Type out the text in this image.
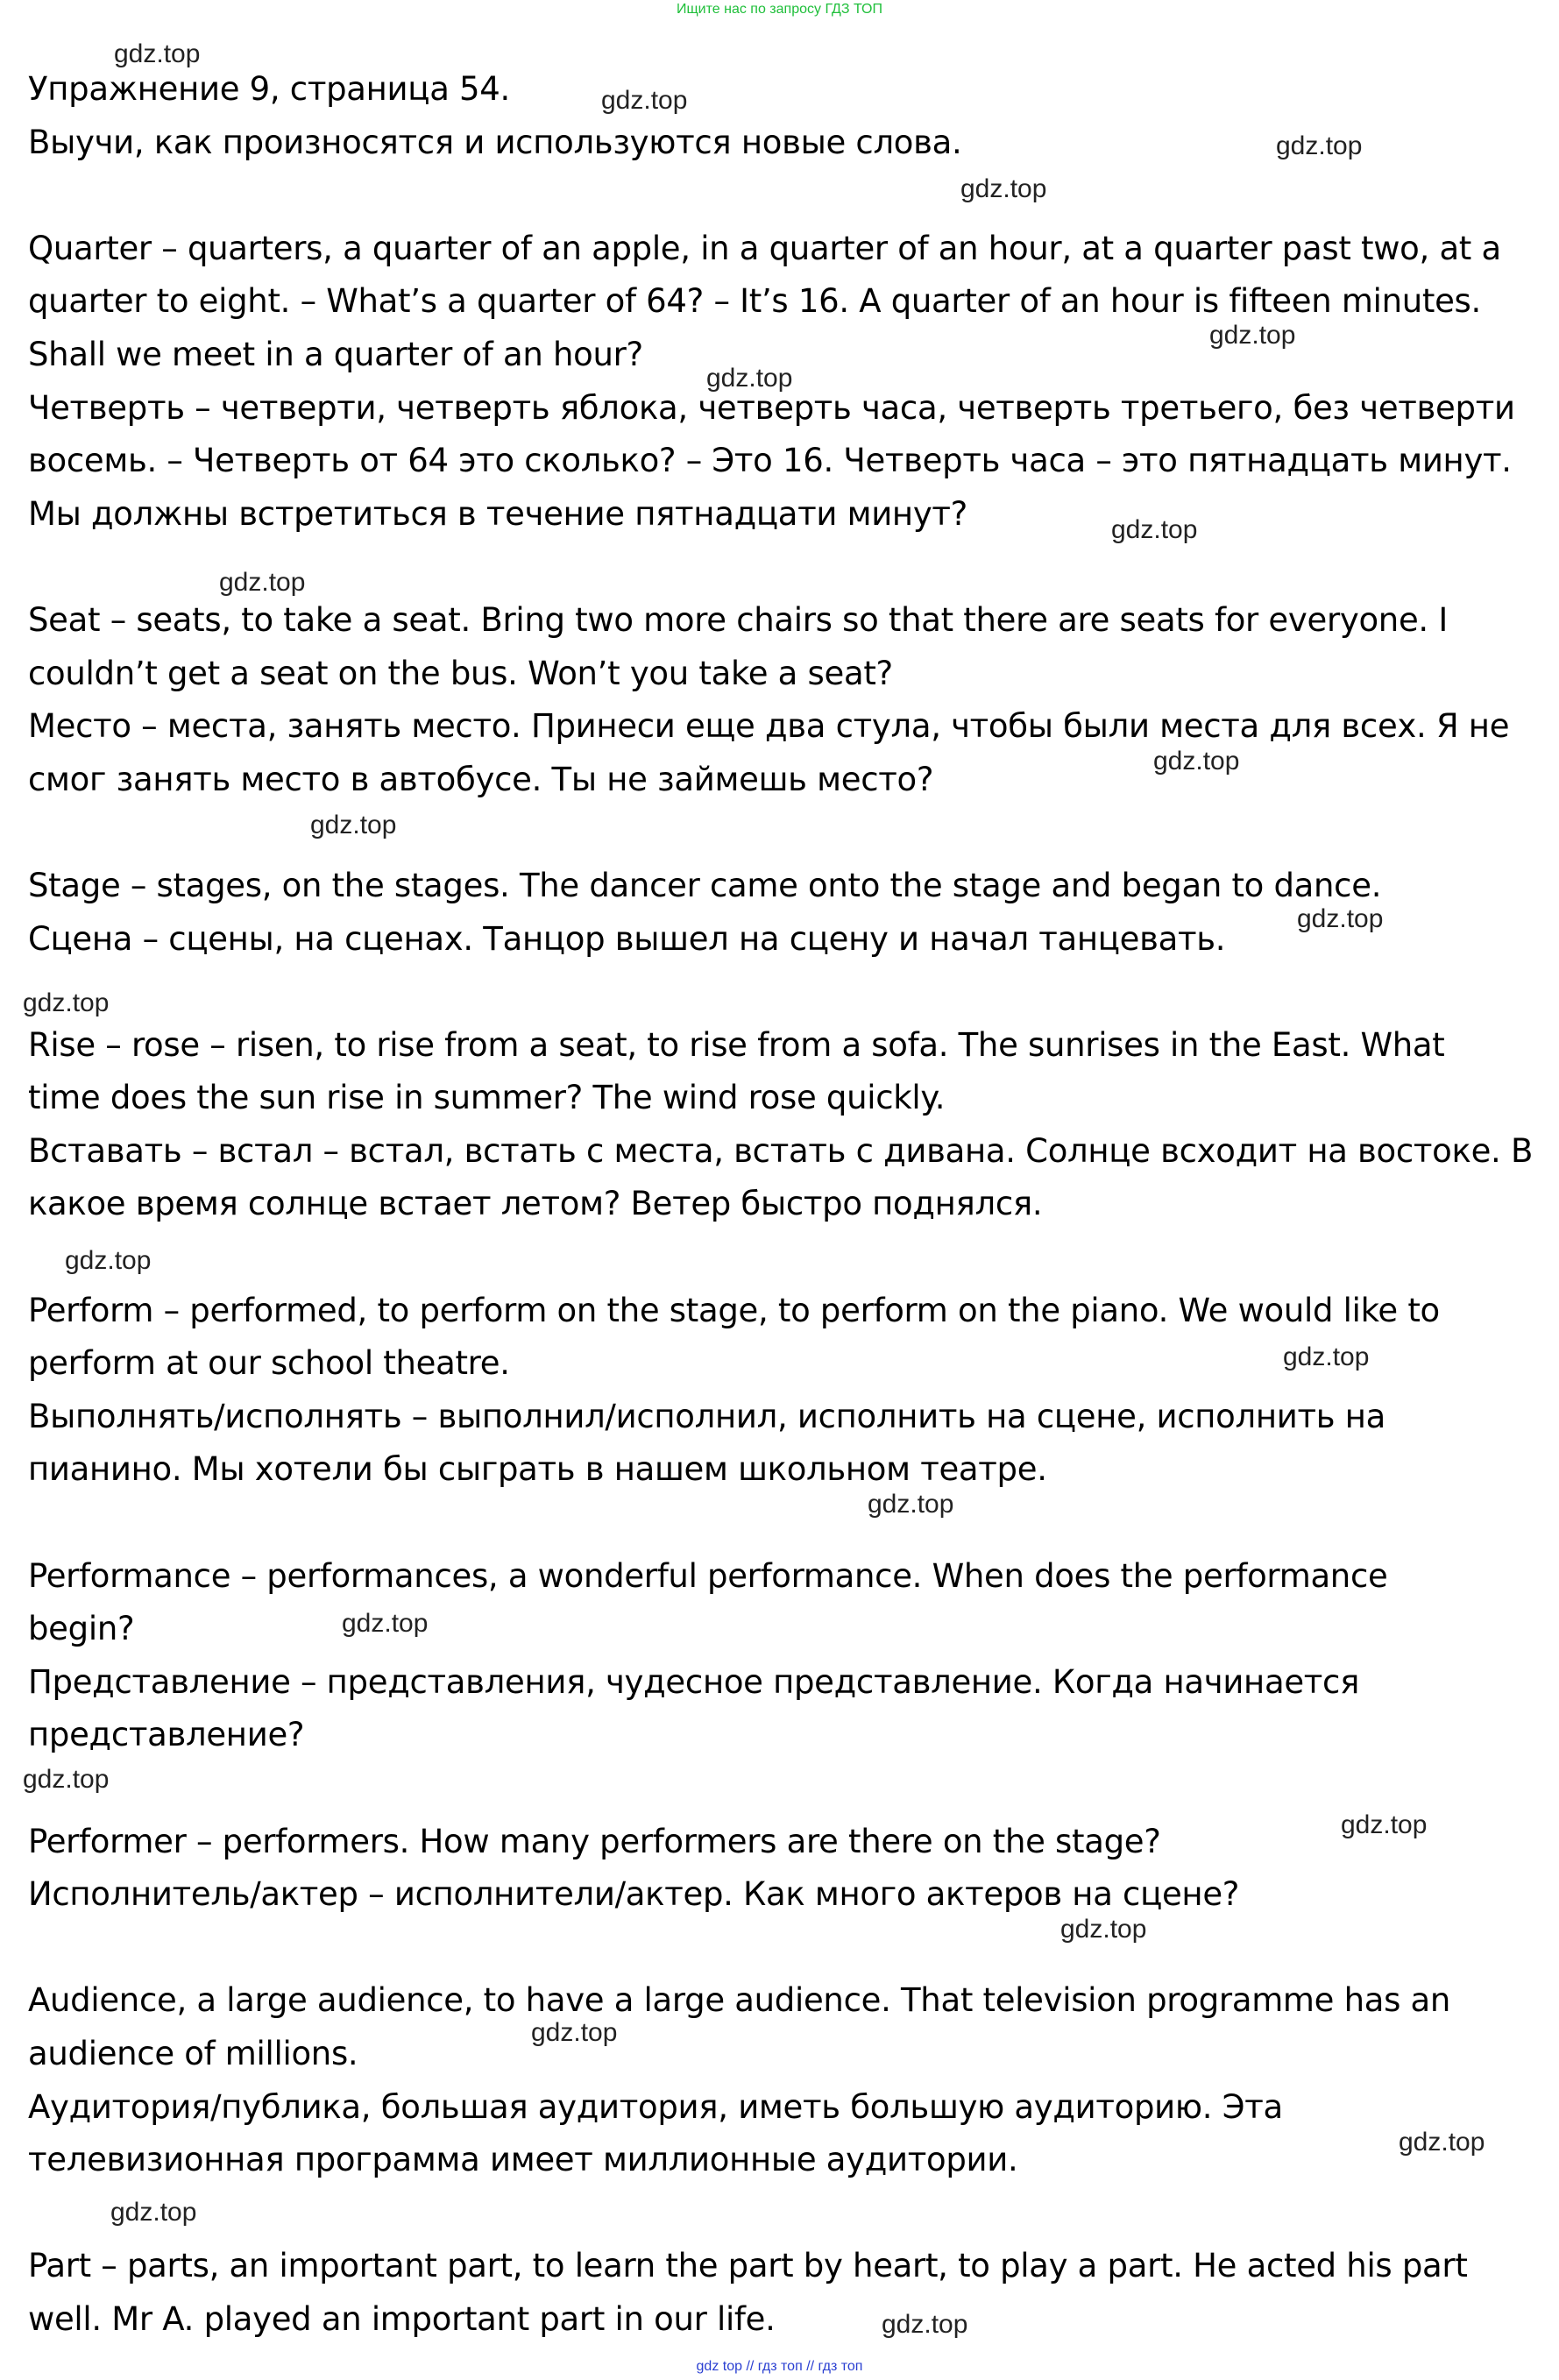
Ищите нас по запросу ГДЗ ТОП
Упражнение 9, страница 54.
Выучи, как произносятся и используются новые слова.
Quarter – quarters, a quarter of an apple, in a quarter of an hour, at a quarter past two, at a
quarter to eight. – What’s a quarter of 64? – It’s 16. A quarter of an hour is fifteen minutes.
Shall we meet in a quarter of an hour?
Четверть – четверти, четверть яблока, четверть часа, четверть третьего, без четверти
восемь. – Четверть от 64 это сколько? – Это 16. Четверть часа – это пятнадцать минут.
Мы должны встретиться в течение пятнадцати минут?
Seat – seats, to take a seat. Bring two more chairs so that there are seats for everyone. I
couldn’t get a seat on the bus. Won’t you take a seat?
Место – места, занять место. Принеси еще два стула, чтобы были места для всех. Я не
смог занять место в автобусе. Ты не займешь место?
Stage – stages, on the stages. The dancer came onto the stage and began to dance.
Сцена – сцены, на сценах. Танцор вышел на сцену и начал танцевать.
Rise – rose – risen, to rise from a seat, to rise from a sofa. The sunrises in the East. What
time does the sun rise in summer? The wind rose quickly.
Вставать – встал – встал, встать с места, встать с дивана. Солнце всходит на востоке. В
какое время солнце встает летом? Ветер быстро поднялся.
Perform – performed, to perform on the stage, to perform on the piano. We would like to
perform at our school theatre.
Выполнять/исполнять – выполнил/исполнил, исполнить на сцене, исполнить на
пианино. Мы хотели бы сыграть в нашем школьном театре.
Performance – performances, a wonderful performance. When does the performance
begin?
Представление – представления, чудесное представление. Когда начинается
представление?
Performer – performers. How many performers are there on the stage?
Исполнитель/актер – исполнители/актер. Как много актеров на сцене?
Audience, a large audience, to have a large audience. That television programme has an
audience of millions.
Аудитория/публика, большая аудитория, иметь большую аудиторию. Эта
телевизионная программа имеет миллионные аудитории.
Part – parts, an important part, to learn the part by heart, to play a part. He acted his part
well. Mr A. played an important part in our life.
gdz.top
gdz.top
gdz.top
gdz.top
gdz.top
gdz.top
gdz.top
gdz.top
gdz.top
gdz.top
gdz.top
gdz.top
gdz.top
gdz.top
gdz.top
gdz.top
gdz.top
gdz.top
gdz.top
gdz.top
gdz.top
gdz.top
gdz.top
gdz top // гдз топ // гдз топ
